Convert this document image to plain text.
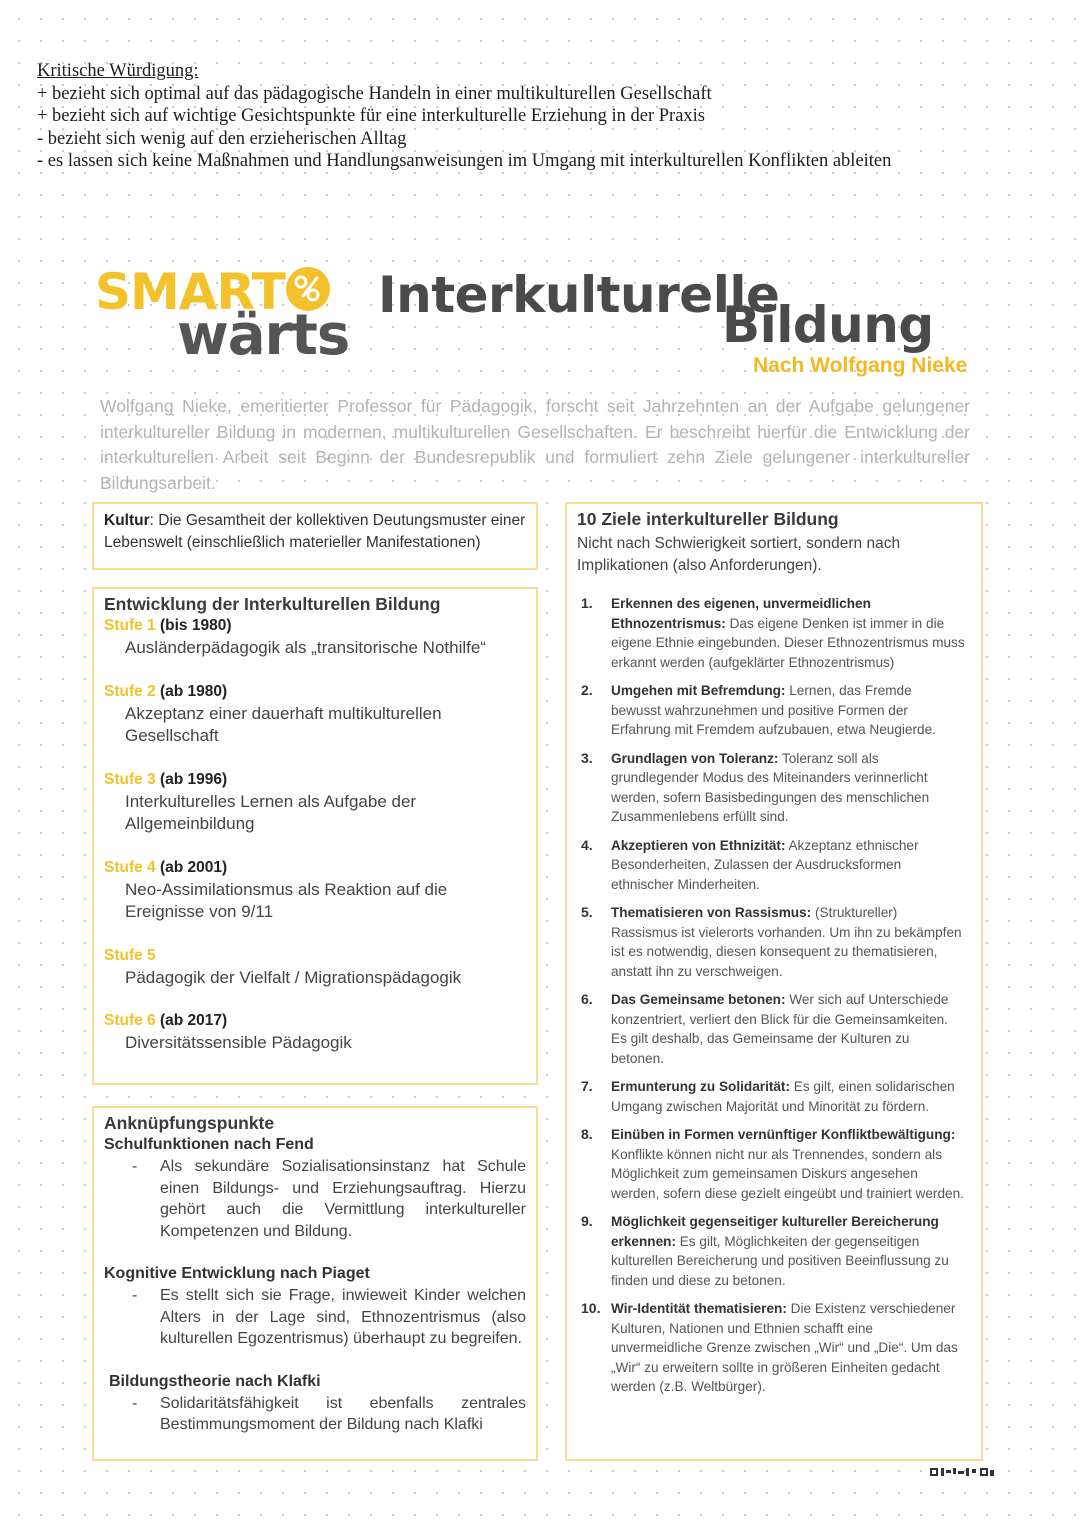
Kritische Würdigung:
+ bezieht sich optimal auf das pädagogische Handeln in einer multikulturellen Gesellschaft
+ bezieht sich auf wichtige Gesichtspunkte für eine interkulturelle Erziehung in der Praxis
- bezieht sich wenig auf den erzieherischen Alltag
- es lassen sich keine Maßnahmen und Handlungsanweisungen im Umgang mit interkulturellen Konflikten ableiten
SMART
wärts
Interkulturelle
Bildung
Nach Wolfgang Nieke
Wolfgang Nieke, emeritierter Professor für Pädagogik, forscht seit Jahrzehnten an der Aufgabe gelungener interkultureller Bildung in modernen, multikulturellen Gesellschaften. Er beschreibt hierfür die Entwicklung der interkulturellen Arbeit seit Beginn der Bundesrepublik und formuliert zehn Ziele gelungener interkultureller Bildungsarbeit.
Kultur: Die Gesamtheit der kollektiven Deutungsmuster einer Lebenswelt (einschließlich materieller Manifestationen)
Entwicklung der Interkulturellen Bildung
Stufe 1 (bis 1980)
Ausländerpädagogik als „transitorische Nothilfe“
Stufe 2 (ab 1980)
Akzeptanz einer dauerhaft multikulturellen Gesellschaft
Stufe 3 (ab 1996)
Interkulturelles Lernen als Aufgabe der Allgemeinbildung
Stufe 4 (ab 2001)
Neo-Assimilationsmus als Reaktion auf die Ereignisse von 9/11
Stufe 5
Pädagogik der Vielfalt / Migrationspädagogik
Stufe 6 (ab 2017)
Diversitätssensible Pädagogik
Anknüpfungspunkte
Schulfunktionen nach Fend
- Als sekundäre Sozialisationsinstanz hat Schule einen Bildungs- und Erziehungsauftrag. Hierzu gehört auch die Vermittlung interkultureller Kompetenzen und Bildung.
Kognitive Entwicklung nach Piaget
- Es stellt sich sie Frage, inwieweit Kinder welchen Alters in der Lage sind, Ethnozentrismus (also kulturellen Egozentrismus) überhaupt zu begreifen.
Bildungstheorie nach Klafki
- Solidaritätsfähigkeit ist ebenfalls zentrales Bestimmungsmoment der Bildung nach Klafki
10 Ziele interkultureller Bildung
Nicht nach Schwierigkeit sortiert, sondern nach Implikationen (also Anforderungen).
1. Erkennen des eigenen, unvermeidlichen Ethnozentrismus: Das eigene Denken ist immer in die eigene Ethnie eingebunden. Dieser Ethnozentrismus muss erkannt werden (aufgeklärter Ethnozentrismus)
2. Umgehen mit Befremdung: Lernen, das Fremde bewusst wahrzunehmen und positive Formen der Erfahrung mit Fremdem aufzubauen, etwa Neugierde.
3. Grundlagen von Toleranz: Toleranz soll als grundlegender Modus des Miteinanders verinnerlicht werden, sofern Basisbedingungen des menschlichen Zusammenlebens erfüllt sind.
4. Akzeptieren von Ethnizität: Akzeptanz ethnischer Besonderheiten, Zulassen der Ausdrucksformen ethnischer Minderheiten.
5. Thematisieren von Rassismus: (Struktureller) Rassismus ist vielerorts vorhanden. Um ihn zu bekämpfen ist es notwendig, diesen konsequent zu thematisieren, anstatt ihn zu verschweigen.
6. Das Gemeinsame betonen: Wer sich auf Unterschiede konzentriert, verliert den Blick für die Gemeinsamkeiten. Es gilt deshalb, das Gemeinsame der Kulturen zu betonen.
7. Ermunterung zu Solidarität: Es gilt, einen solidarischen Umgang zwischen Majorität und Minorität zu fördern.
8. Einüben in Formen vernünftiger Konfliktbewältigung: Konflikte können nicht nur als Trennendes, sondern als Möglichkeit zum gemeinsamen Diskurs angesehen werden, sofern diese gezielt eingeübt und trainiert werden.
9. Möglichkeit gegenseitiger kultureller Bereicherung erkennen: Es gilt, Möglichkeiten der gegenseitigen kulturellen Bereicherung und positiven Beeinflussung zu finden und diese zu betonen.
10. Wir-Identität thematisieren: Die Existenz verschiedener Kulturen, Nationen und Ethnien schafft eine unvermeidliche Grenze zwischen „Wir“ und „Die“. Um das „Wir“ zu erweitern sollte in größeren Einheiten gedacht werden (z.B. Weltbürger).
